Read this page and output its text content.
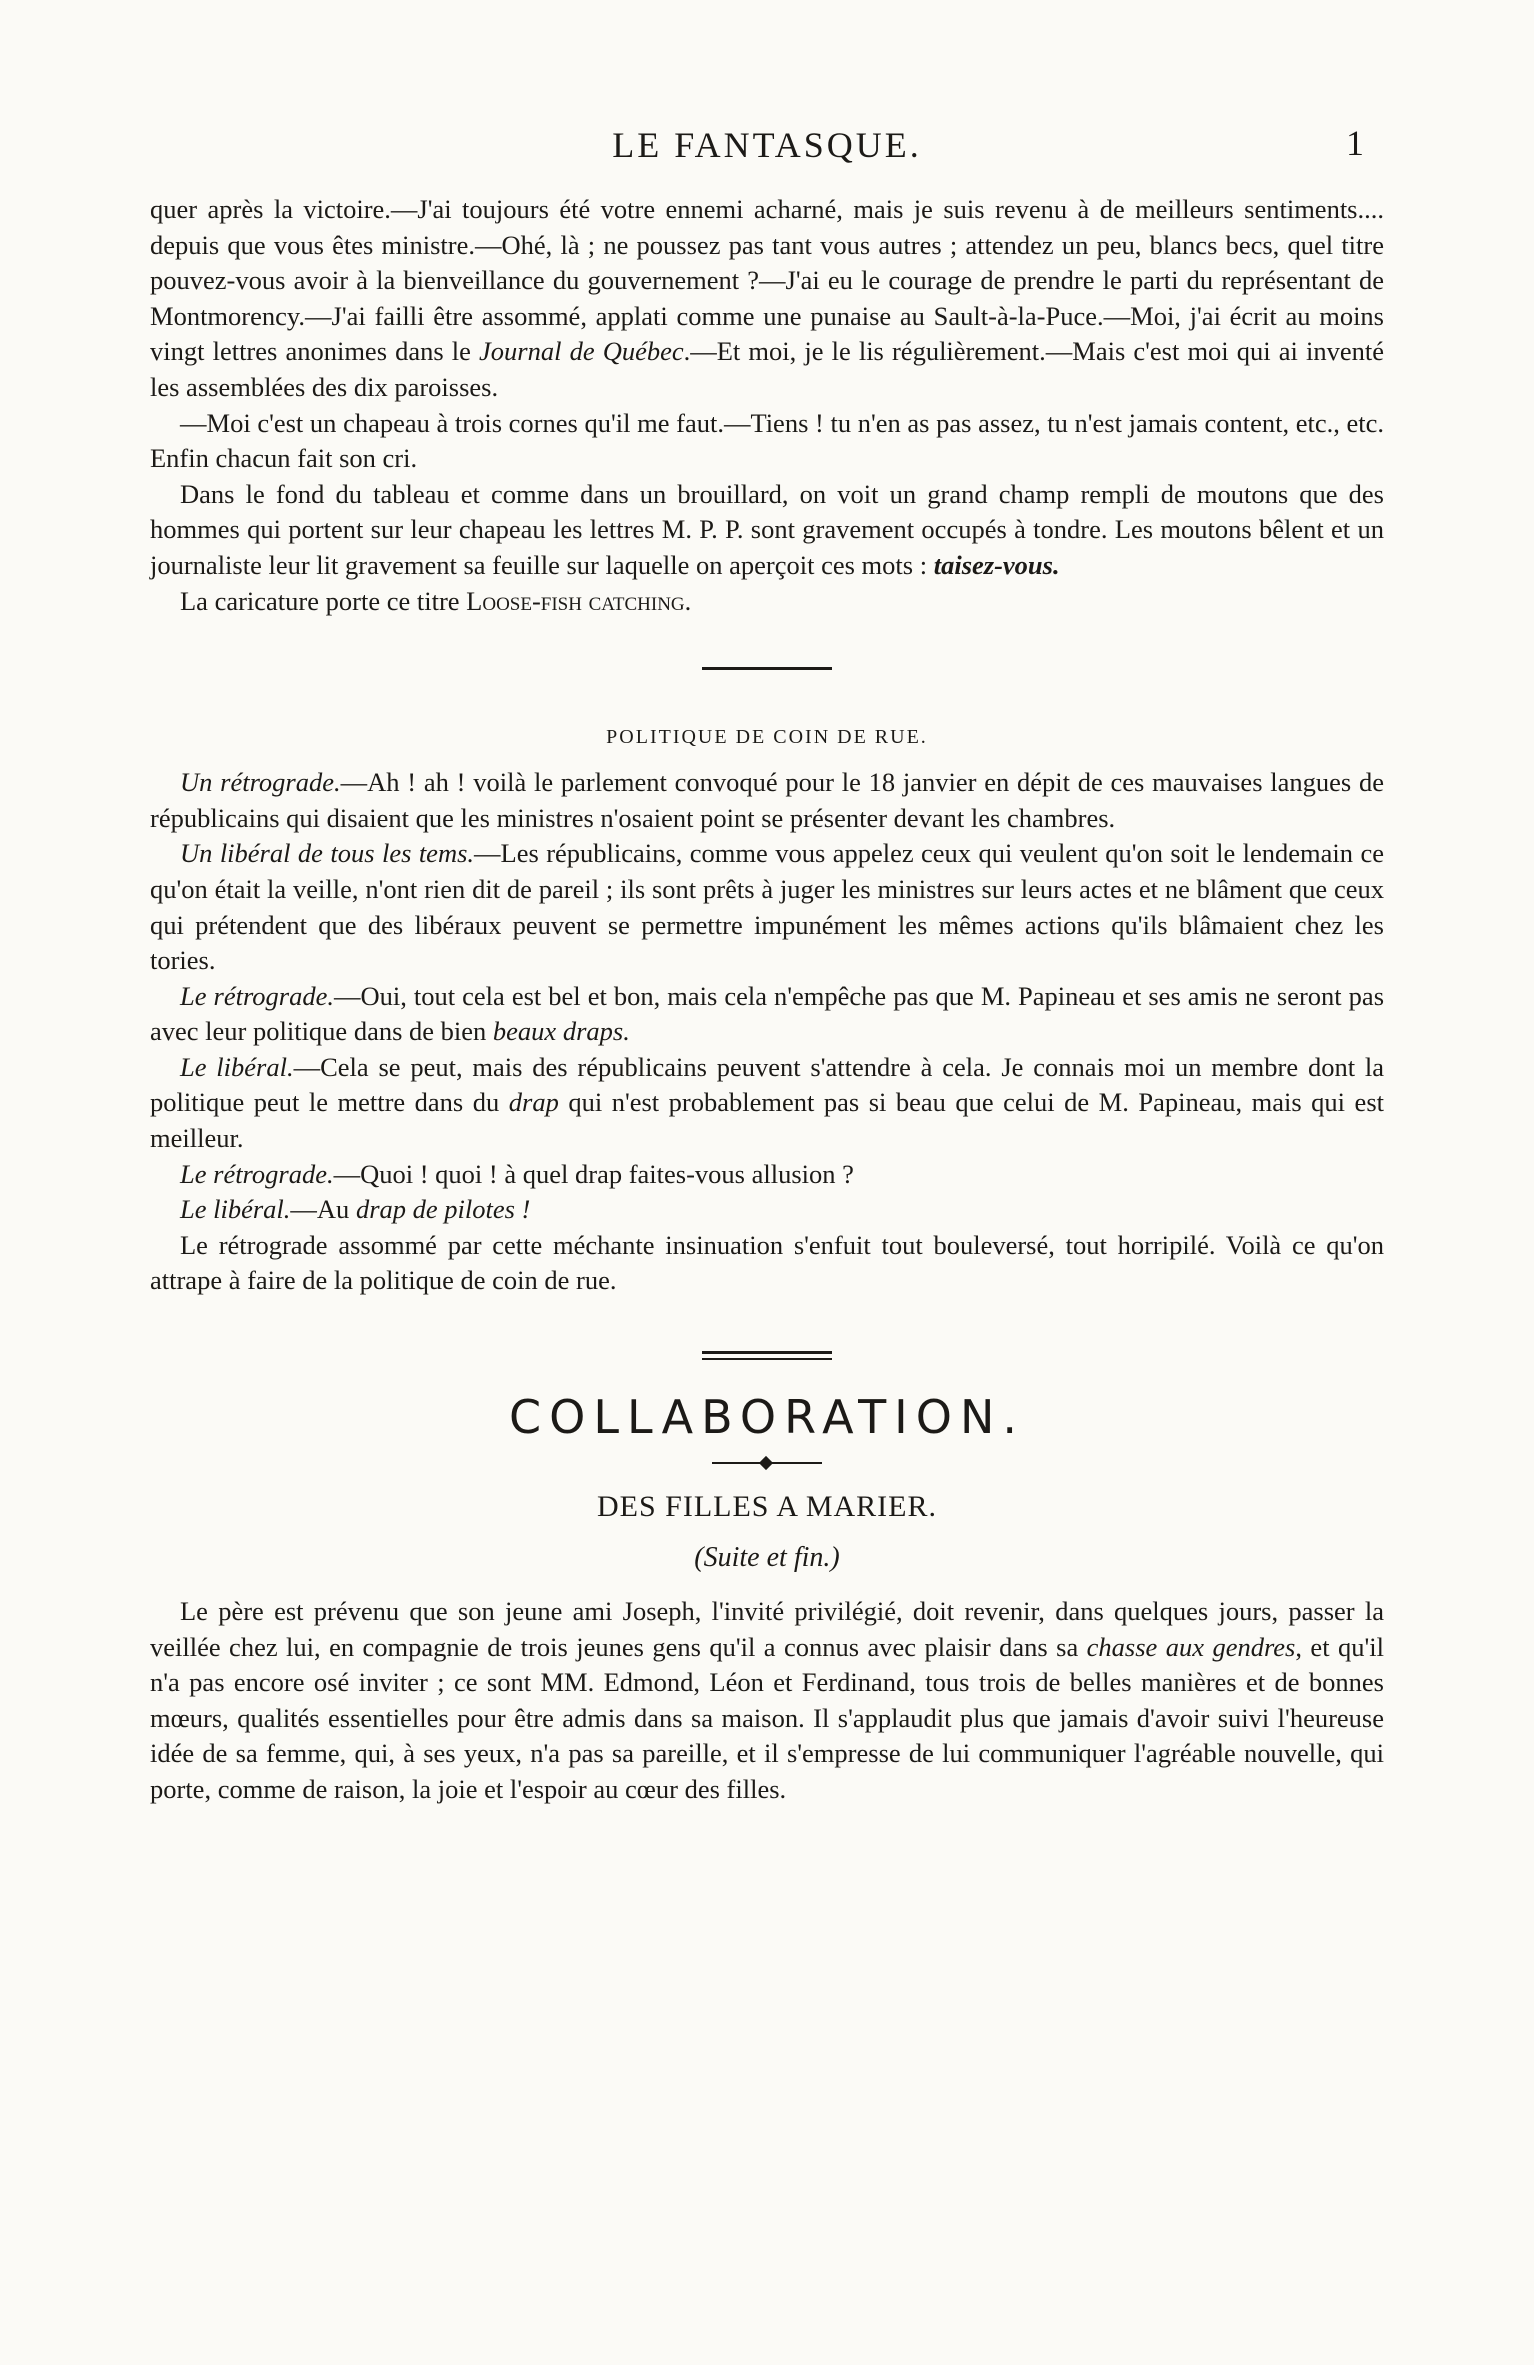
LE FANTASQUE.	1

quer après la victoire.—J'ai toujours été votre ennemi acharné, mais je suis revenu à de meilleurs sentiments.... depuis que vous êtes ministre.—Ohé, là ; ne poussez pas tant vous autres ; attendez un peu, blancs becs, quel titre pouvez-vous avoir à la bienveillance du gouvernement ?—J'ai eu le courage de prendre le parti du représentant de Montmorency.—J'ai failli être assommé, applati comme une punaise au Sault-à-la-Puce.—Moi, j'ai écrit au moins vingt lettres anonimes dans le Journal de Québec.—Et moi, je le lis régulièrement.—Mais c'est moi qui ai inventé les assemblées des dix paroisses.

—Moi c'est un chapeau à trois cornes qu'il me faut.—Tiens ! tu n'en as pas assez, tu n'est jamais content, etc., etc. Enfin chacun fait son cri.

Dans le fond du tableau et comme dans un brouillard, on voit un grand champ rempli de moutons que des hommes qui portent sur leur chapeau les lettres M. P. P. sont gravement occupés à tondre. Les moutons bêlent et un journaliste leur lit gravement sa feuille sur laquelle on aperçoit ces mots : taisez-vous.

La caricature porte ce titre Loose-fish catching.

POLITIQUE DE COIN DE RUE.

Un rétrograde.—Ah ! ah ! voilà le parlement convoqué pour le 18 janvier en dépit de ces mauvaises langues de républicains qui disaient que les ministres n'osaient point se présenter devant les chambres.

Un libéral de tous les tems.—Les républicains, comme vous appelez ceux qui veulent qu'on soit le lendemain ce qu'on était la veille, n'ont rien dit de pareil ; ils sont prêts à juger les ministres sur leurs actes et ne blâment que ceux qui prétendent que des libéraux peuvent se permettre impunément les mêmes actions qu'ils blâmaient chez les tories.

Le rétrograde.—Oui, tout cela est bel et bon, mais cela n'empêche pas que M. Papineau et ses amis ne seront pas avec leur politique dans de bien beaux draps.

Le libéral.—Cela se peut, mais des républicains peuvent s'attendre à cela. Je connais moi un membre dont la politique peut le mettre dans du drap qui n'est probablement pas si beau que celui de M. Papineau, mais qui est meilleur.

Le rétrograde.—Quoi ! quoi ! à quel drap faites-vous allusion ?

Le libéral.—Au drap de pilotes !

Le rétrograde assommé par cette méchante insinuation s'enfuit tout bouleversé, tout horripilé. Voilà ce qu'on attrape à faire de la politique de coin de rue.

COLLABORATION.
DES FILLES A MARIER.
(Suite et fin.)

Le père est prévenu que son jeune ami Joseph, l'invité privilégié, doit revenir, dans quelques jours, passer la veillée chez lui, en compagnie de trois jeunes gens qu'il a connus avec plaisir dans sa chasse aux gendres, et qu'il n'a pas encore osé inviter ; ce sont MM. Edmond, Léon et Ferdinand, tous trois de belles manières et de bonnes mœurs, qualités essentielles pour être admis dans sa maison. Il s'applaudit plus que jamais d'avoir suivi l'heureuse idée de sa femme, qui, à ses yeux, n'a pas sa pareille, et il s'empresse de lui communiquer l'agréable nouvelle, qui porte, comme de raison, la joie et l'espoir au cœur des filles.
